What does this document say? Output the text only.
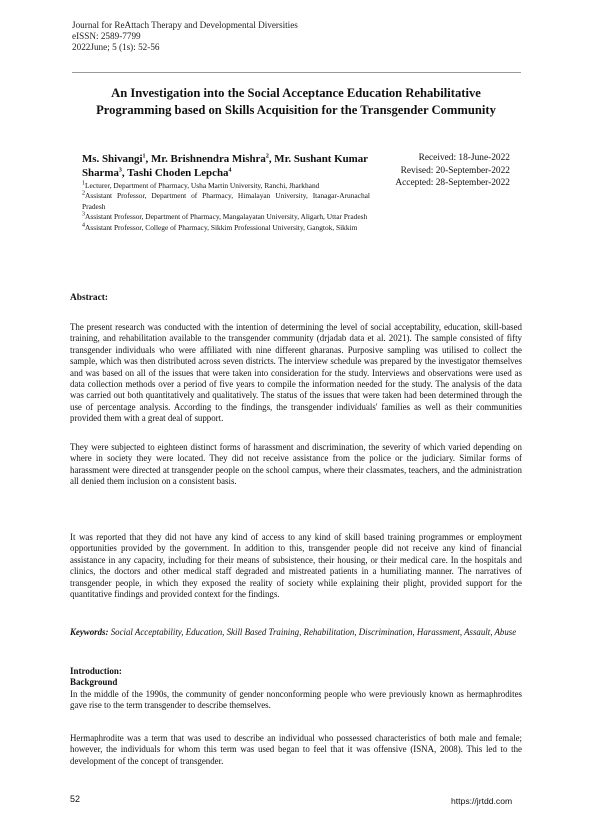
Journal for ReAttach Therapy and Developmental Diversities
eISSN: 2589-7799
2022June; 5 (1s): 52-56
An Investigation into the Social Acceptance Education Rehabilitative
Programming based on Skills Acquisition for the Transgender Community
Ms. Shivangi$^1$, Mr. Brishnendra Mishra$^2$, Mr. Sushant Kumar Sharma$^3$, Tashi Choden Lepcha$^4$
$^1$Lecturer, Department of Pharmacy, Usha Martin University, Ranchi, Jharkhand
$^2$Assistant Professor, Department of Pharmacy, Himalayan University, Itanagar-Arunachal Pradesh
$^3$Assistant Professor, Department of Pharmacy, Mangalayatan University, Aligarh, Uttar Pradesh
$^4$Assistant Professor, College of Pharmacy, Sikkim Professional University, Gangtok, Sikkim
Received: 18-June-2022
Revised: 20-September-2022
Accepted: 28-September-2022
Abstract:
The present research was conducted with the intention of determining the level of social acceptability, education, skill-based training, and rehabilitation available to the transgender community (drjadab data et al. 2021). The sample consisted of fifty transgender individuals who were affiliated with nine different gharanas. Purposive sampling was utilised to collect the sample, which was then distributed across seven districts. The interview schedule was prepared by the investigator themselves and was based on all of the issues that were taken into consideration for the study. Interviews and observations were used as data collection methods over a period of five years to compile the information needed for the study. The analysis of the data was carried out both quantitatively and qualitatively. The status of the issues that were taken had been determined through the use of percentage analysis. According to the findings, the transgender individuals' families as well as their communities provided them with a great deal of support.
They were subjected to eighteen distinct forms of harassment and discrimination, the severity of which varied depending on where in society they were located. They did not receive assistance from the police or the judiciary. Similar forms of harassment were directed at transgender people on the school campus, where their classmates, teachers, and the administration all denied them inclusion on a consistent basis.
It was reported that they did not have any kind of access to any kind of skill based training programmes or employment opportunities provided by the government. In addition to this, transgender people did not receive any kind of financial assistance in any capacity, including for their means of subsistence, their housing, or their medical care. In the hospitals and clinics, the doctors and other medical staff degraded and mistreated patients in a humiliating manner. The narratives of transgender people, in which they exposed the reality of society while explaining their plight, provided support for the quantitative findings and provided context for the findings.
Keywords: Social Acceptability, Education, Skill Based Training, Rehabilitation, Discrimination, Harassment, Assault, Abuse
Introduction:
Background
In the middle of the 1990s, the community of gender nonconforming people who were previously known as hermaphrodites gave rise to the term transgender to describe themselves.
Hermaphrodite was a term that was used to describe an individual who possessed characteristics of both male and female; however, the individuals for whom this term was used began to feel that it was offensive (ISNA, 2008). This led to the development of the concept of transgender.
52	https://jrtdd.com
